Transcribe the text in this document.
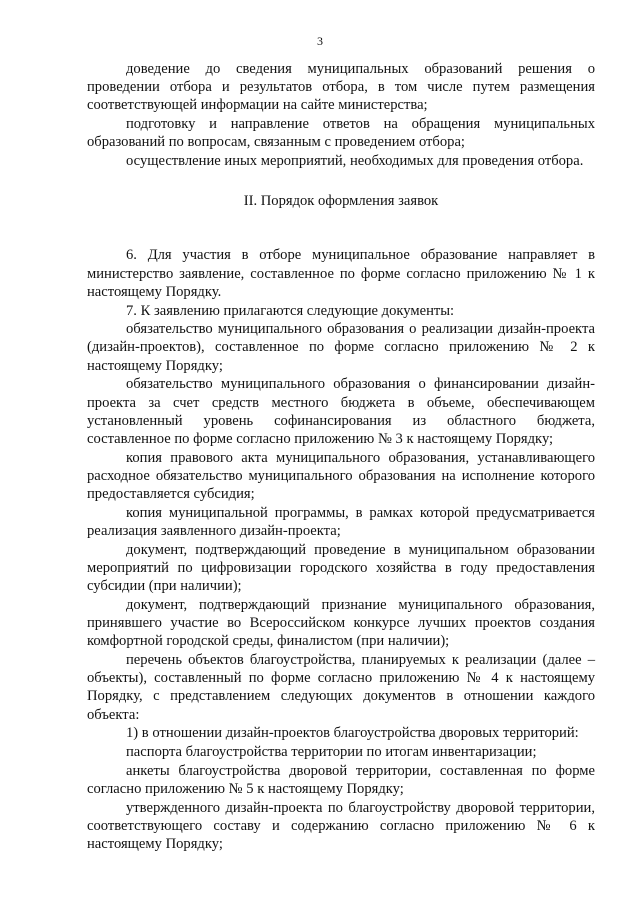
3

доведение до сведения муниципальных образований решения о проведении отбора и результатов отбора, в том числе путем размещения соответствующей информации на сайте министерства;

подготовку и направление ответов на обращения муниципальных образований по вопросам, связанным с проведением отбора;

осуществление иных мероприятий, необходимых для проведения отбора.

II. Порядок оформления заявок

6. Для участия в отборе муниципальное образование направляет в министерство заявление, составленное по форме согласно приложению № 1 к настоящему Порядку.

7. К заявлению прилагаются следующие документы:

обязательство муниципального образования о реализации дизайн-проекта (дизайн-проектов), составленное по форме согласно приложению № 2 к настоящему Порядку;

обязательство муниципального образования о финансировании дизайн-проекта за счет средств местного бюджета в объеме, обеспечивающем установленный уровень софинансирования из областного бюджета, составленное по форме согласно приложению № 3 к настоящему Порядку;

копия правового акта муниципального образования, устанавливающего расходное обязательство муниципального образования на исполнение которого предоставляется субсидия;

копия муниципальной программы, в рамках которой предусматривается реализация заявленного дизайн-проекта;

документ, подтверждающий проведение в муниципальном образовании мероприятий по цифровизации городского хозяйства в году предоставления субсидии (при наличии);

документ, подтверждающий признание муниципального образования, принявшего участие во Всероссийском конкурсе лучших проектов создания комфортной городской среды, финалистом (при наличии);

перечень объектов благоустройства, планируемых к реализации (далее – объекты), составленный по форме согласно приложению № 4 к настоящему Порядку, с представлением следующих документов в отношении каждого объекта:

1) в отношении дизайн-проектов благоустройства дворовых территорий:

паспорта благоустройства территории по итогам инвентаризации;

анкеты благоустройства дворовой территории, составленная по форме согласно приложению № 5 к настоящему Порядку;

утвержденного дизайн-проекта по благоустройству дворовой территории, соответствующего составу и содержанию согласно приложению № 6 к настоящему Порядку;
